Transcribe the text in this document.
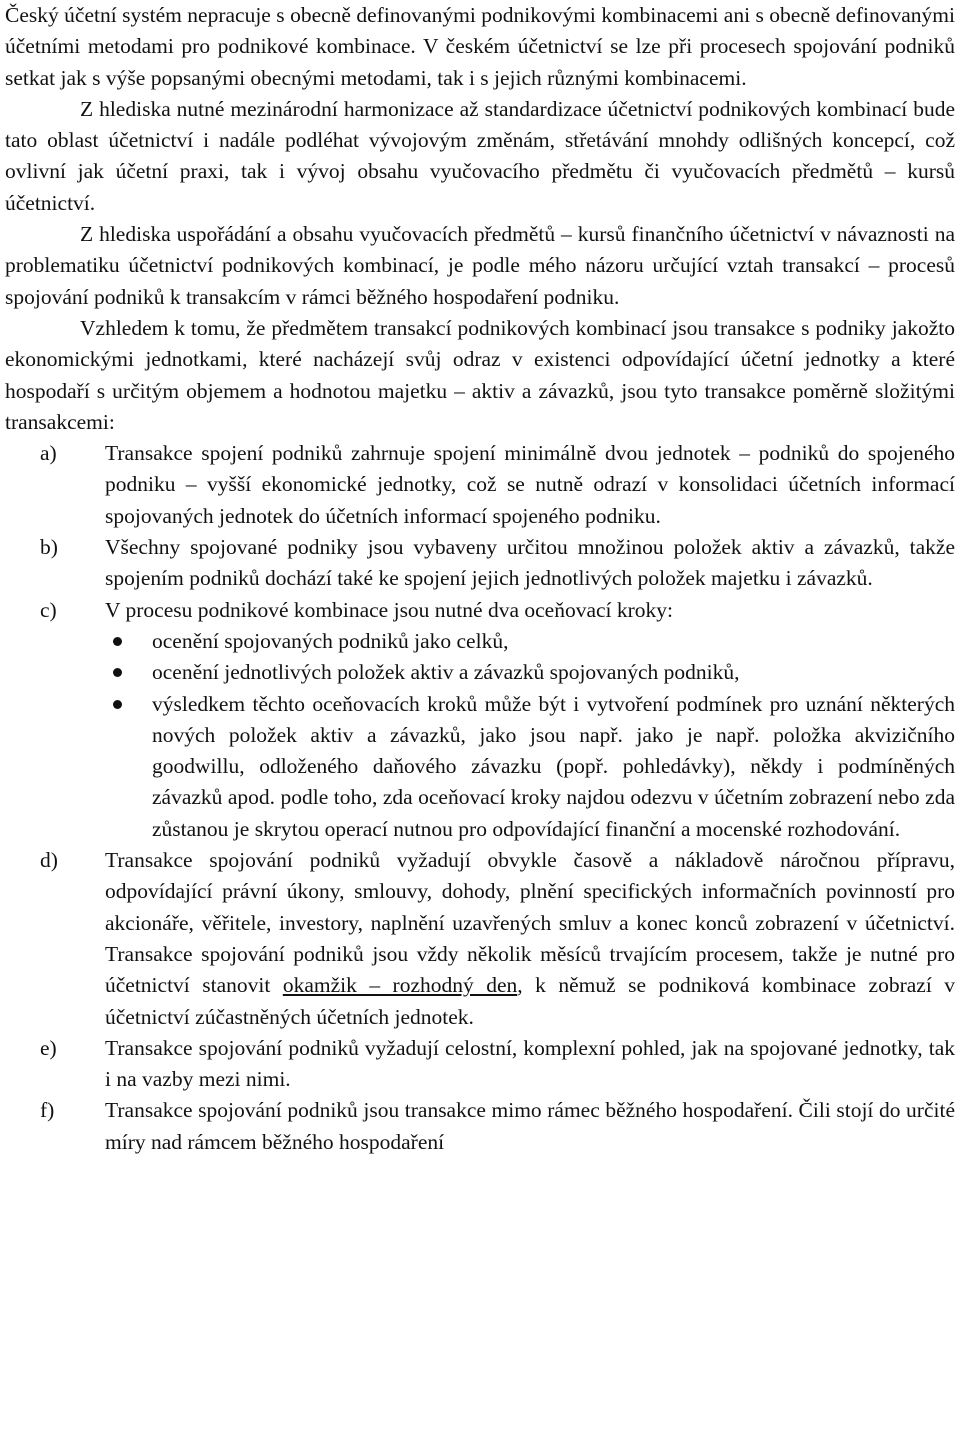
Český účetní systém nepracuje s obecně definovanými podnikovými kombinacemi ani s obecně definovanými účetními metodami pro podnikové kombinace. V českém účetnictví se lze při procesech spojování podniků setkat jak s výše popsanými obecnými metodami, tak i s jejich různými kombinacemi.

Z hlediska nutné mezinárodní harmonizace až standardizace účetnictví podnikových kombinací bude tato oblast účetnictví i nadále podléhat vývojovým změnám, střetávání mnohdy odlišných koncepcí, což ovlivní jak účetní praxi, tak i vývoj obsahu vyučovacího předmětu či vyučovacích předmětů – kursů účetnictví.

Z hlediska uspořádání a obsahu vyučovacích předmětů – kursů finančního účetnictví v návaznosti na problematiku účetnictví podnikových kombinací, je podle mého názoru určující vztah transakcí – procesů spojování podniků k transakcím v rámci běžného hospodaření podniku.

Vzhledem k tomu, že předmětem transakcí podnikových kombinací jsou transakce s podniky jakožto ekonomickými jednotkami, které nacházejí svůj odraz v existenci odpovídající účetní jednotky a které hospodaří s určitým objemem a hodnotou majetku – aktiv a závazků, jsou tyto transakce poměrně složitými transakcemi:

a) Transakce spojení podniků zahrnuje spojení minimálně dvou jednotek – podniků do spojeného podniku – vyšší ekonomické jednotky, což se nutně odrazí v konsolidaci účetních informací spojovaných jednotek do účetních informací spojeného podniku.
b) Všechny spojované podniky jsou vybaveny určitou množinou položek aktiv a závazků, takže spojením podniků dochází také ke spojení jejich jednotlivých položek majetku i závazků.
c) V procesu podnikové kombinace jsou nutné dva oceňovací kroky:
ocenění spojovaných podniků jako celků,
ocenění jednotlivých položek aktiv a závazků spojovaných podniků,
výsledkem těchto oceňovacích kroků může být i vytvoření podmínek pro uznání některých nových položek aktiv a závazků, jako jsou např. jako je např. položka akvizičního goodwillu, odloženého daňového závazku (popř. pohledávky), někdy i podmíněných závazků apod. podle toho, zda oceňovací kroky najdou odezvu v účetním zobrazení nebo zda zůstanou je skrytou operací nutnou pro odpovídající finanční a mocenské rozhodování.
d) Transakce spojování podniků vyžadují obvykle časově a nákladově náročnou přípravu, odpovídající právní úkony, smlouvy, dohody, plnění specifických informačních povinností pro akcionáře, věřitele, investory, naplnění uzavřených smluv a konec konců zobrazení v účetnictví. Transakce spojování podniků jsou vždy několik měsíců trvajícím procesem, takže je nutné pro účetnictví stanovit okamžik – rozhodný den, k němuž se podniková kombinace zobrazí v účetnictví zúčastněných účetních jednotek.
e) Transakce spojování podniků vyžadují celostní, komplexní pohled, jak na spojované jednotky, tak i na vazby mezi nimi.
f) Transakce spojování podniků jsou transakce mimo rámec běžného hospodaření. Čili stojí do určité míry nad rámcem běžného hospodaření
